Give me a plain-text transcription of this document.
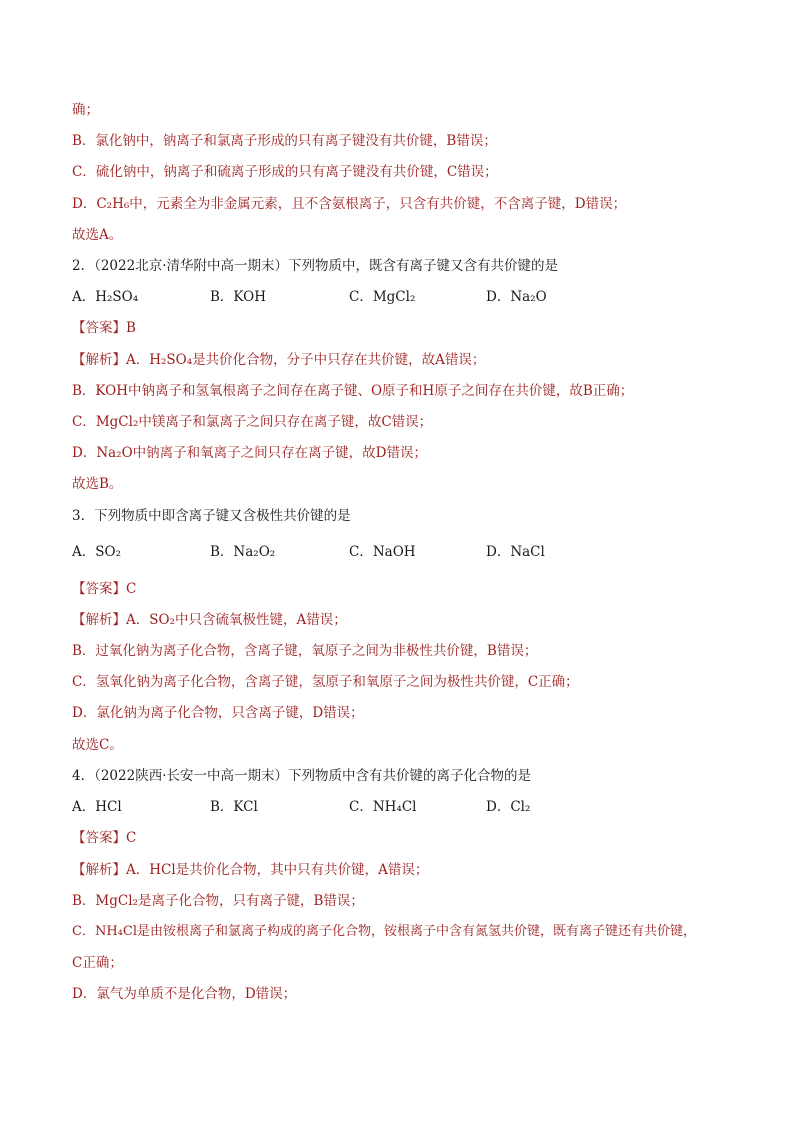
确；
B．氯化钠中，钠离子和氯离子形成的只有离子键没有共价键，B错误；
C．硫化钠中，钠离子和硫离子形成的只有离子键没有共价键，C错误；
D．C₂H₆中，元素全为非金属元素，且不含氨根离子，只含有共价键，不含离子键，D错误；
故选A。
2．（2022北京·清华附中高一期末）下列物质中，既含有离子键又含有共价键的是
A．H₂SO₄	B．KOH	C．MgCl₂	D．Na₂O
【答案】B
【解析】A．H₂SO₄是共价化合物，分子中只存在共价键，故A错误；
B．KOH中钠离子和氢氧根离子之间存在离子键、O原子和H原子之间存在共价键，故B正确；
C．MgCl₂中镁离子和氯离子之间只存在离子键，故C错误；
D．Na₂O中钠离子和氧离子之间只存在离子键，故D错误；
故选B。
3．下列物质中即含离子键又含极性共价键的是
A．SO₂	B．Na₂O₂	C．NaOH	D．NaCl
【答案】C
【解析】A．SO₂中只含硫氧极性键，A错误；
B．过氧化钠为离子化合物，含离子键，氧原子之间为非极性共价键，B错误；
C．氢氧化钠为离子化合物，含离子键，氢原子和氧原子之间为极性共价键，C正确；
D．氯化钠为离子化合物，只含离子键，D错误；
故选C。
4．（2022陕西·长安一中高一期末）下列物质中含有共价键的离子化合物的是
A．HCl	B．KCl	C．NH₄Cl	D．Cl₂
【答案】C
【解析】A．HCl是共价化合物，其中只有共价键，A错误；
B．MgCl₂是离子化合物，只有离子键，B错误；
C．NH₄Cl是由铵根离子和氯离子构成的离子化合物，铵根离子中含有氮氢共价键，既有离子键还有共价键，
C正确；
D．氯气为单质不是化合物，D错误；
